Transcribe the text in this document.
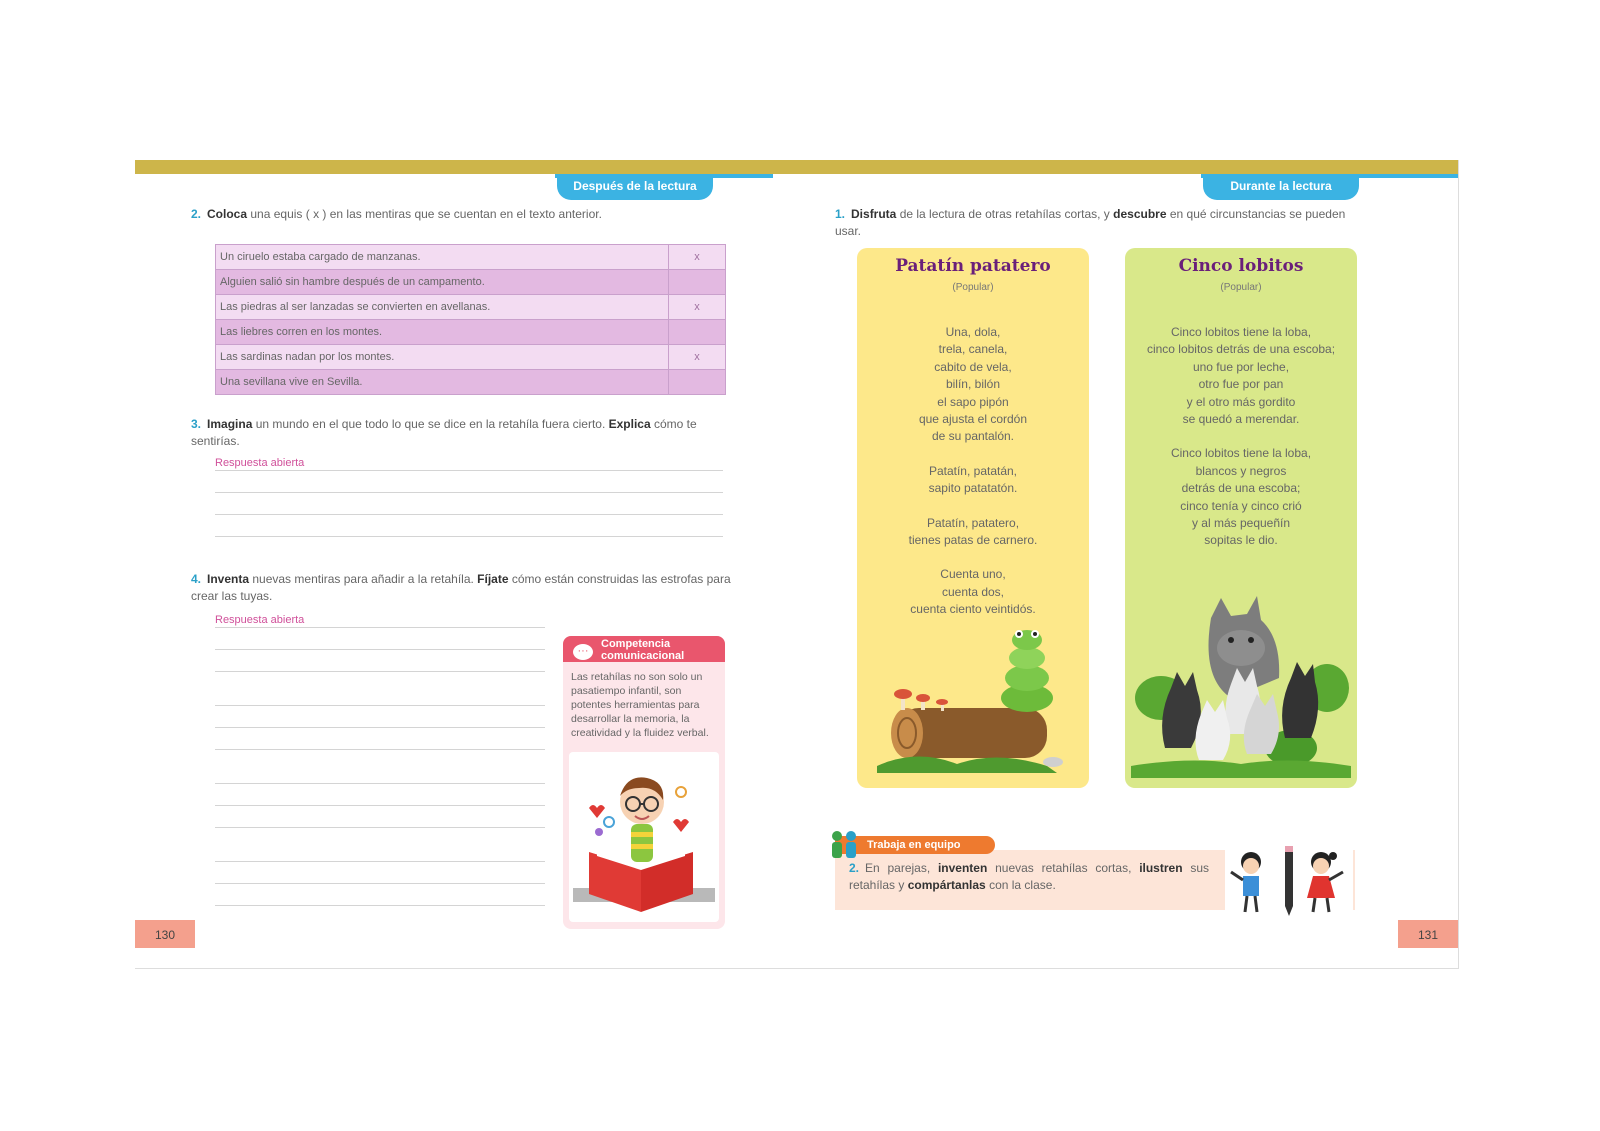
Después de la lectura	Durante la lectura
2. Coloca una equis ( x ) en las mentiras que se cuentan en el texto anterior.
Un ciruelo estaba cargado de manzanas.	x
Alguien salió sin hambre después de un campamento.	
Las piedras al ser lanzadas se convierten en avellanas.	x
Las liebres corren en los montes.	
Las sardinas nadan por los montes.	x
Una sevillana vive en Sevilla.	
3. Imagina un mundo en el que todo lo que se dice en la retahíla fuera cierto. Explica cómo te sentirías.
Respuesta abierta
4. Inventa nuevas mentiras para añadir a la retahíla. Fíjate cómo están construidas las estrofas para crear las tuyas.
Respuesta abierta
Competencia
comunicacional
···
Las retahílas no son solo un pasatiempo infantil, son potentes herramientas para desarrollar la memoria, la creatividad y la fluidez verbal.
1. Disfruta de la lectura de otras retahílas cortas, y descubre en qué circunstancias se pueden usar.
Patatín patatero
(Popular)

Una, dola,
trela, canela,
cabito de vela,
bilín, bilón
el sapo pipón
que ajusta el cordón
de su pantalón.

Patatín, patatán,
sapito patatatón.

Patatín, patatero,
tienes patas de carnero.

Cuenta uno,
cuenta dos,
cuenta ciento veintidós.

Cinco lobitos
(Popular)

Cinco lobitos tiene la loba,
cinco lobitos detrás de una escoba;
uno fue por leche,
otro fue por pan
y el otro más gordito
se quedó a merendar.

Cinco lobitos tiene la loba,
blancos y negros
detrás de una escoba;
cinco tenía y cinco crió
y al más pequeñín
sopitas le dio.

Trabaja en equipo
2. En parejas, inventen nuevas retahílas cortas, ilustren sus retahílas y compártanlas con la clase.
130	131
